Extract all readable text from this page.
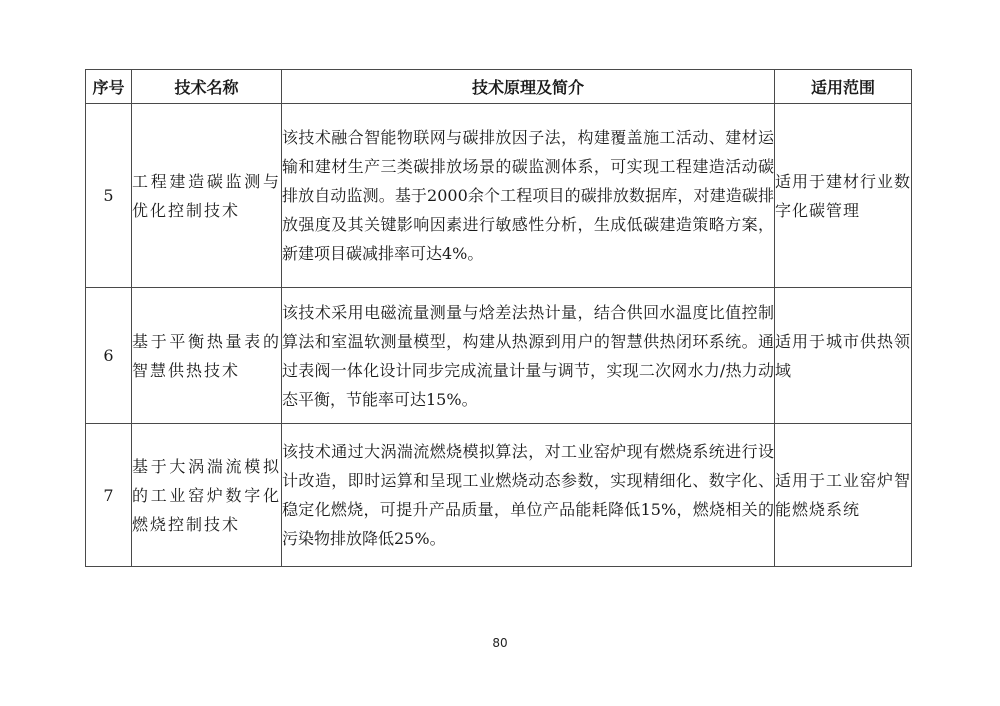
序号	技术名称	技术原理及简介	适用范围
5	工程建造碳监测与优化控制技术	该技术融合智能物联网与碳排放因子法，构建覆盖施工活动、建材运输和建材生产三类碳排放场景的碳监测体系，可实现工程建造活动碳排放自动监测。基于2000余个工程项目的碳排放数据库，对建造碳排放强度及其关键影响因素进行敏感性分析，生成低碳建造策略方案，新建项目碳减排率可达4%。	适用于建材行业数字化碳管理
6	基于平衡热量表的智慧供热技术	该技术采用电磁流量测量与焓差法热计量，结合供回水温度比值控制算法和室温软测量模型，构建从热源到用户的智慧供热闭环系统。通过表阀一体化设计同步完成流量计量与调节，实现二次网水力/热力动态平衡，节能率可达15%。	适用于城市供热领域
7	基于大涡湍流模拟的工业窑炉数字化燃烧控制技术	该技术通过大涡湍流燃烧模拟算法，对工业窑炉现有燃烧系统进行设计改造，即时运算和呈现工业燃烧动态参数，实现精细化、数字化、稳定化燃烧，可提升产品质量，单位产品能耗降低15%，燃烧相关的污染物排放降低25%。	适用于工业窑炉智能燃烧系统
80
